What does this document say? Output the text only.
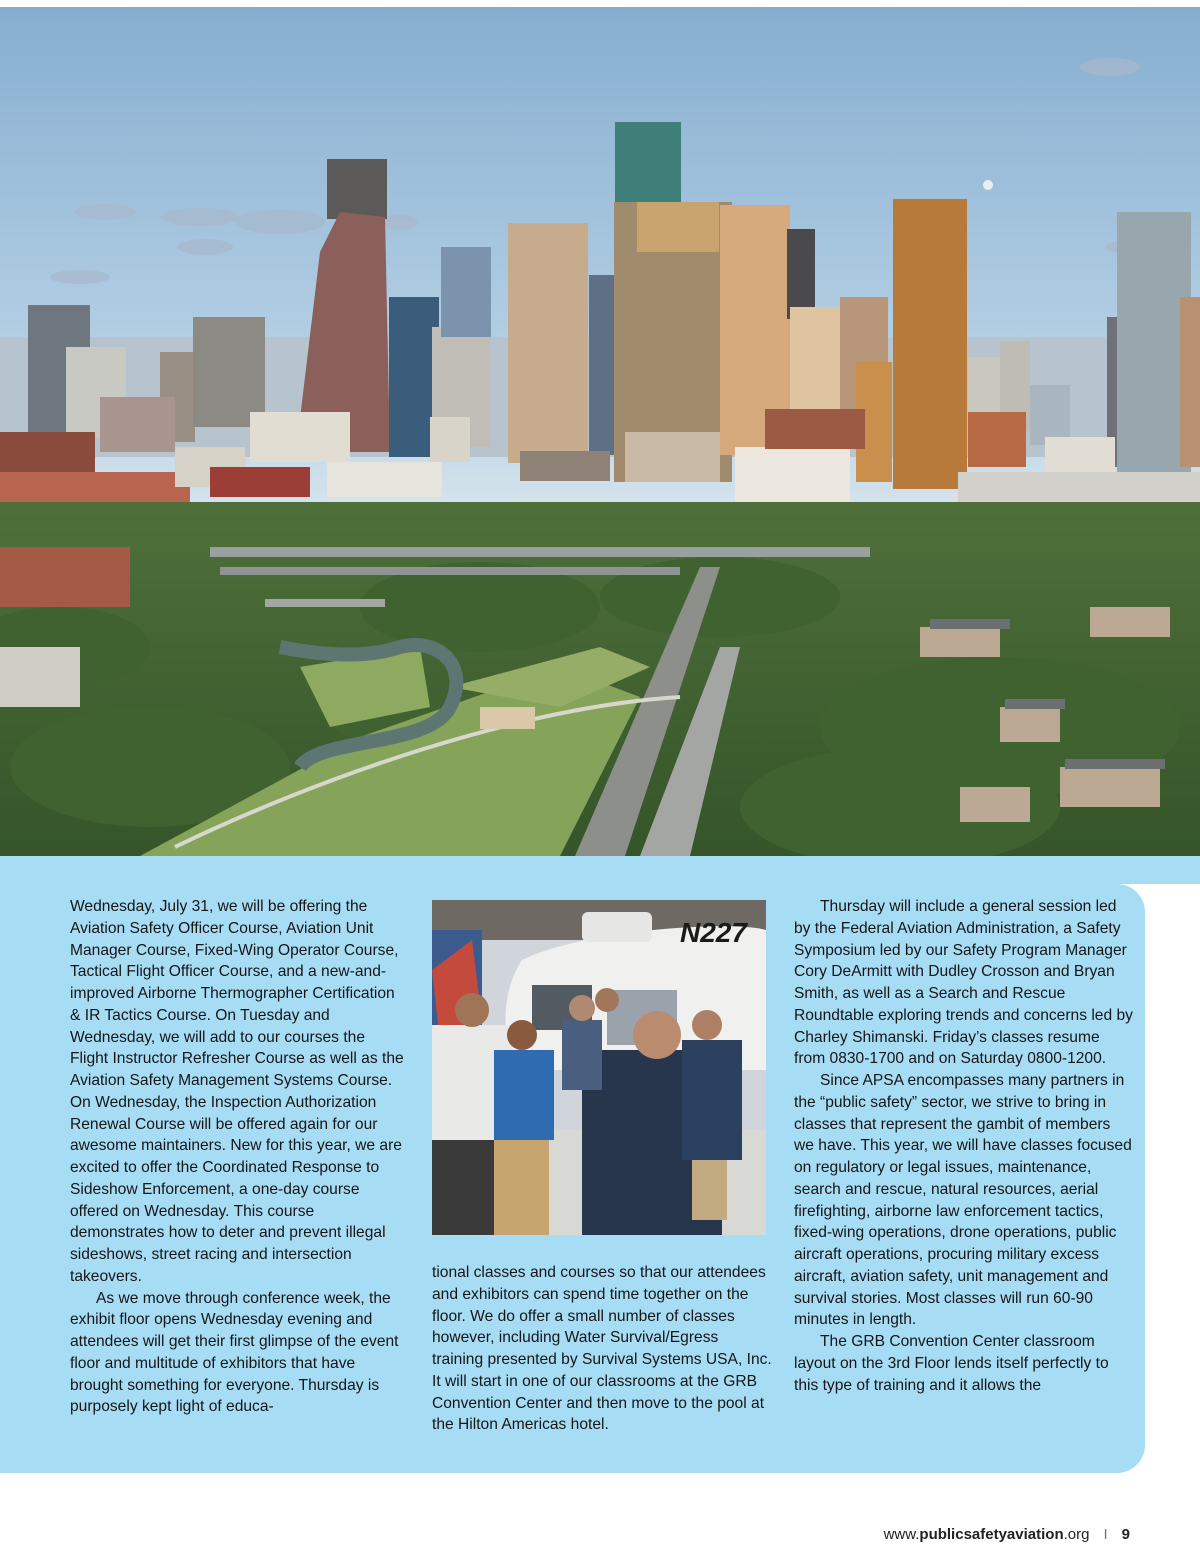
N227

Wednesday, July 31, we will be offering the Aviation Safety Officer Course, Aviation Unit Manager Course, Fixed-Wing Operator Course, Tactical Flight Officer Course, and a new-and-improved Airborne Thermographer Certification & IR Tactics Course. On Tuesday and Wednesday, we will add to our courses the Flight Instructor Refresher Course as well as the Aviation Safety Management Systems Course. On Wednesday, the Inspection Authorization Renewal Course will be offered again for our awesome maintainers. New for this year, we are excited to offer the Coordinated Response to Sideshow Enforcement, a one-day course offered on Wednesday. This course demonstrates how to deter and prevent illegal sideshows, street racing and intersection takeovers.

As we move through conference week, the exhibit floor opens Wednesday evening and attendees will get their first glimpse of the event floor and multitude of exhibitors that have brought something for everyone. Thursday is purposely kept light of educa-

tional classes and courses so that our attendees and exhibitors can spend time together on the floor. We do offer a small number of classes however, including Water Survival/Egress training presented by Survival Systems USA, Inc. It will start in one of our classrooms at the GRB Convention Center and then move to the pool at the Hilton Americas hotel.

Thursday will include a general session led by the Federal Aviation Administration, a Safety Symposium led by our Safety Program Manager Cory DeArmitt with Dudley Crosson and Bryan Smith, as well as a Search and Rescue Roundtable exploring trends and concerns led by Charley Shimanski. Friday’s classes resume from 0830-1700 and on Saturday 0800-1200.

Since APSA encompasses many partners in the “public safety” sector, we strive to bring in classes that represent the gambit of members we have. This year, we will have classes focused on regulatory or legal issues, maintenance, search and rescue, natural resources, aerial firefighting, airborne law enforcement tactics, fixed-wing operations, drone operations, public aircraft operations, procuring military excess aircraft, aviation safety, unit management and survival stories. Most classes will run 60-90 minutes in length.

The GRB Convention Center classroom layout on the 3rd Floor lends itself perfectly to this type of training and it allows the

www.publicsafetyaviation.org I 9
